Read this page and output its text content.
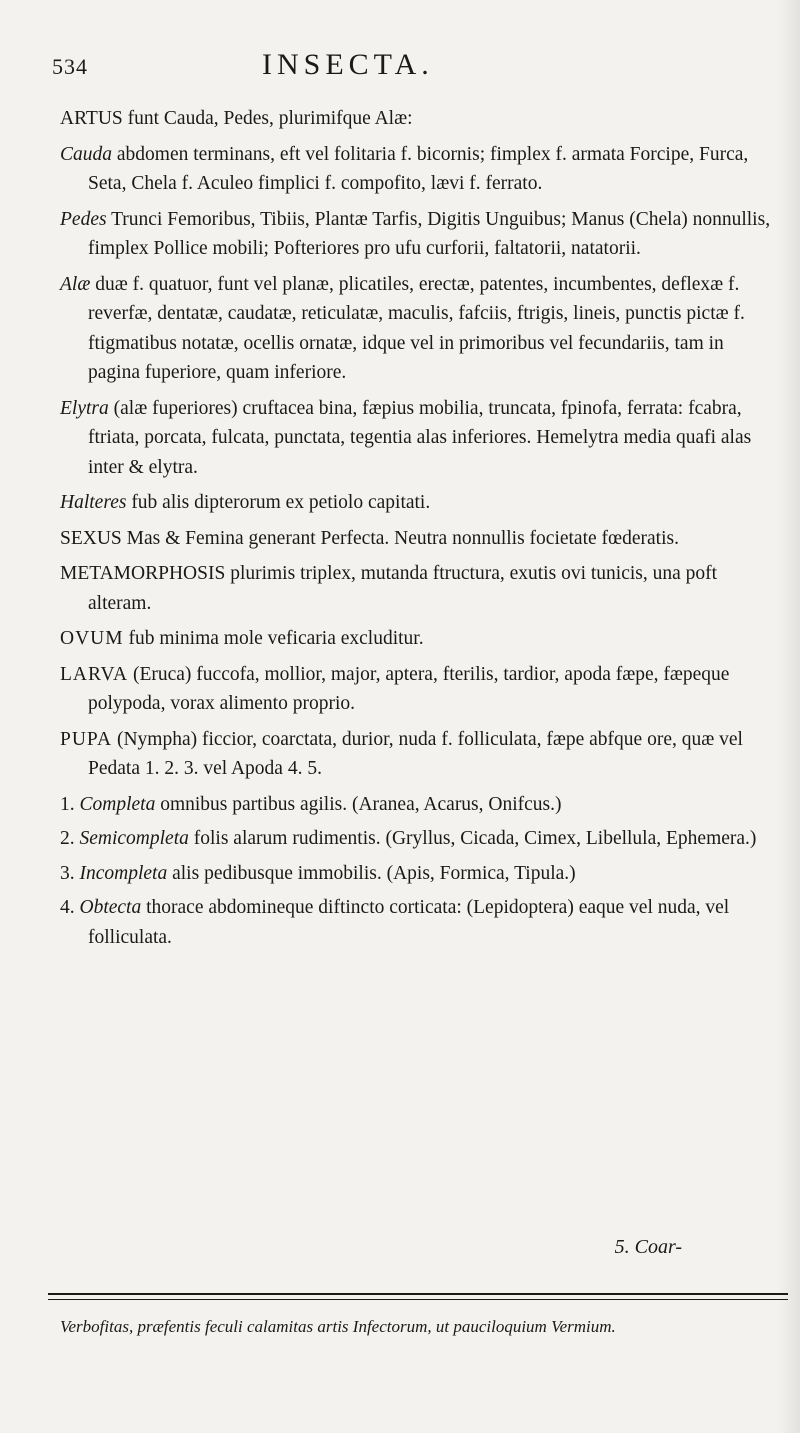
534	INSECTA.

ARTUS funt Cauda, Pedes, plurimifque Alæ:

Cauda abdomen terminans, eft vel folitaria f. bicornis; fimplex f. armata Forcipe, Furca, Seta, Chela f. Aculeo fimplici f. compofito, lævi f. ferrato.

Pedes Trunci Femoribus, Tibiis, Plantæ Tarfis, Digitis Unguibus; Manus (Chela) nonnullis, fimplex Pollice mobili; Pofteriores pro ufu curforii, faltatorii, natatorii.

Alæ duæ f. quatuor, funt vel planæ, plicatiles, erectæ, patentes, incumbentes, deflexæ f. reverfæ, dentatæ, caudatæ, reticulatæ, maculis, fafciis, ftrigis, lineis, punctis pictæ f. ftigmatibus notatæ, ocellis ornatæ, idque vel in primoribus vel fecundariis, tam in pagina fuperiore, quam inferiore.

Elytra (alæ fuperiores) cruftacea bina, fæpius mobilia, truncata, fpinofa, ferrata: fcabra, ftriata, porcata, fulcata, punctata, tegentia alas inferiores. Hemelytra media quafi alas inter & elytra.

Halteres fub alis dipterorum ex petiolo capitati.

SEXUS Mas & Femina generant Perfecta. Neutra nonnullis focietate fœderatis.

METAMORPHOSIS plurimis triplex, mutanda ftructura, exutis ovi tunicis, una poft alteram.

OVUM fub minima mole veficaria excluditur.

LARVA (Eruca) fuccofa, mollior, major, aptera, fterilis, tardior, apoda fæpe, fæpeque polypoda, vorax alimento proprio.

PUPA (Nympha) ficcior, coarctata, durior, nuda f. folliculata, fæpe abfque ore, quæ vel Pedata 1. 2. 3. vel Apoda 4. 5.

1. Completa omnibus partibus agilis. (Aranea, Acarus, Onifcus.)

2. Semicompleta folis alarum rudimentis. (Gryllus, Cicada, Cimex, Libellula, Ephemera.)

3. Incompleta alis pedibusque immobilis. (Apis, Formica, Tipula.)

4. Obtecta thorace abdomineque diftincto corticata: (Lepidoptera) eaque vel nuda, vel folliculata.

5. Coar-
Verbofitas, præfentis feculi calamitas artis Infectorum, ut pauciloquium Vermium.
